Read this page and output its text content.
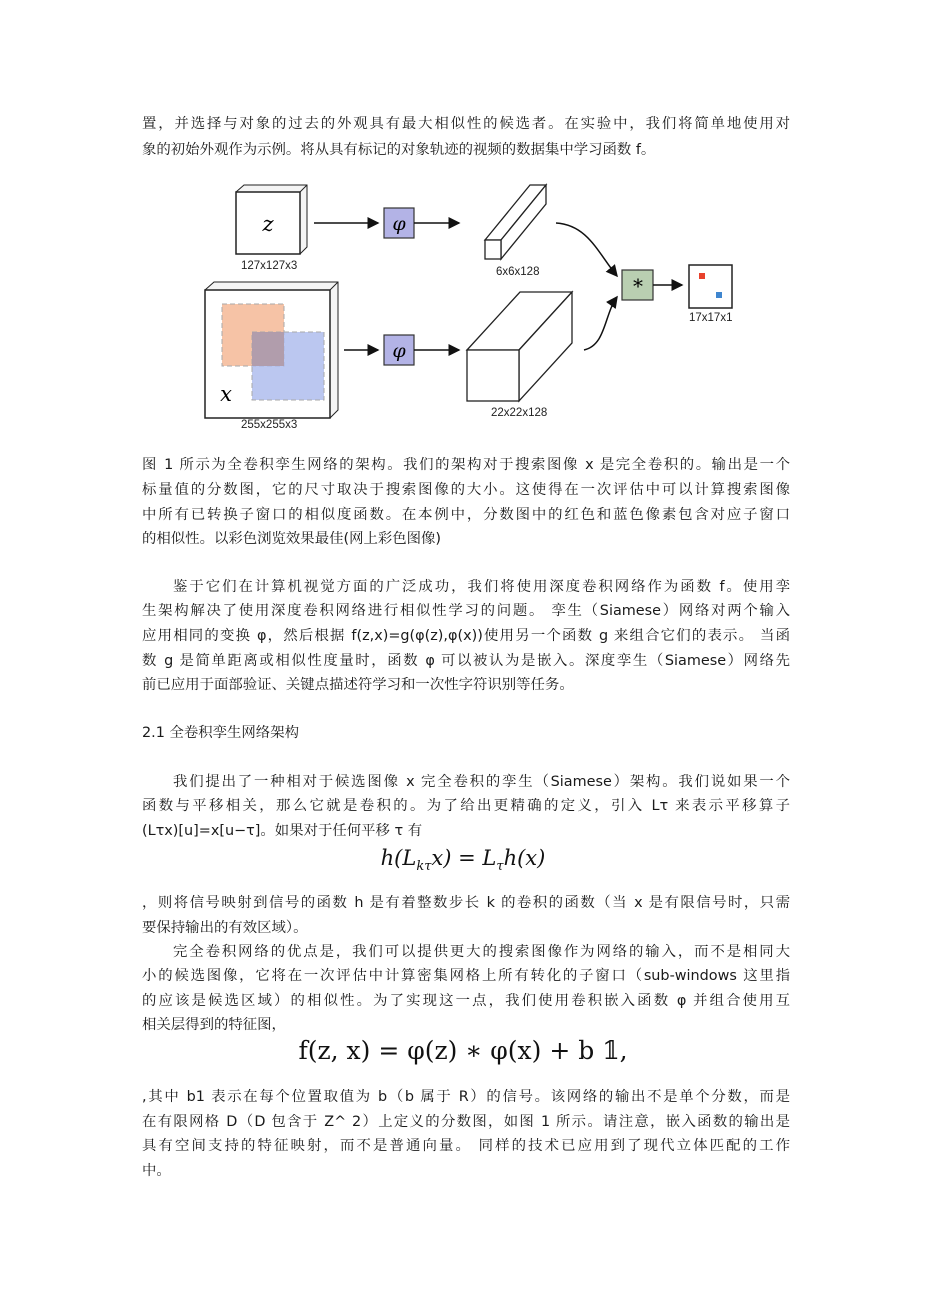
置，并选择与对象的过去的外观具有最大相似性的候选者。在实验中，我们将简单地使用对
象的初始外观作为示例。将从具有标记的对象轨迹的视频的数据集中学习函数 f。
z
127x127x3
x
255x255x3
φ
φ
6x6x128
22x22x128
*
17x17x1
图 1 所示为全卷积孪生网络的架构。我们的架构对于搜索图像 x 是完全卷积的。输出是一个
标量值的分数图，它的尺寸取决于搜索图像的大小。这使得在一次评估中可以计算搜索图像
中所有已转换子窗口的相似度函数。在本例中，分数图中的红色和蓝色像素包含对应子窗口
的相似性。以彩色浏览效果最佳(网上彩色图像)
鉴于它们在计算机视觉方面的广泛成功，我们将使用深度卷积网络作为函数 f。使用孪
生架构解决了使用深度卷积网络进行相似性学习的问题。 孪生（Siamese）网络对两个输入
应用相同的变换 φ，然后根据 f(z,x)=g(φ(z),φ(x))使用另一个函数 g 来组合它们的表示。 当函
数 g 是简单距离或相似性度量时，函数 φ 可以被认为是嵌入。深度孪生（Siamese）网络先
前已应用于面部验证、关键点描述符学习和一次性字符识别等任务。
2.1 全卷积孪生网络架构
我们提出了一种相对于候选图像 x 完全卷积的孪生（Siamese）架构。我们说如果一个
函数与平移相关，那么它就是卷积的。为了给出更精确的定义，引入 Lτ 来表示平移算子
(Lτx)[u]=x[u−τ]。如果对于任何平移 τ 有
$h(L_{k\tau}x) = L_\tau h(x)$
，则将信号映射到信号的函数 h 是有着整数步长 k 的卷积的函数（当 x 是有限信号时，只需
要保持输出的有效区域）。
完全卷积网络的优点是，我们可以提供更大的搜索图像作为网络的输入，而不是相同大
小的候选图像，它将在一次评估中计算密集网格上所有转化的子窗口（sub-windows 这里指
的应该是候选区域）的相似性。为了实现这一点，我们使用卷积嵌入函数 φ 并组合使用互
相关层得到的特征图，
f(z, x) = φ(z) ∗ φ(x) + b 𝟙,
,其中 b1 表示在每个位置取值为 b（b 属于 R）的信号。该网络的输出不是单个分数，而是
在有限网格 D（D 包含于 Z^ 2）上定义的分数图，如图 1 所示。请注意，嵌入函数的输出是
具有空间支持的特征映射，而不是普通向量。 同样的技术已应用到了现代立体匹配的工作
中。
